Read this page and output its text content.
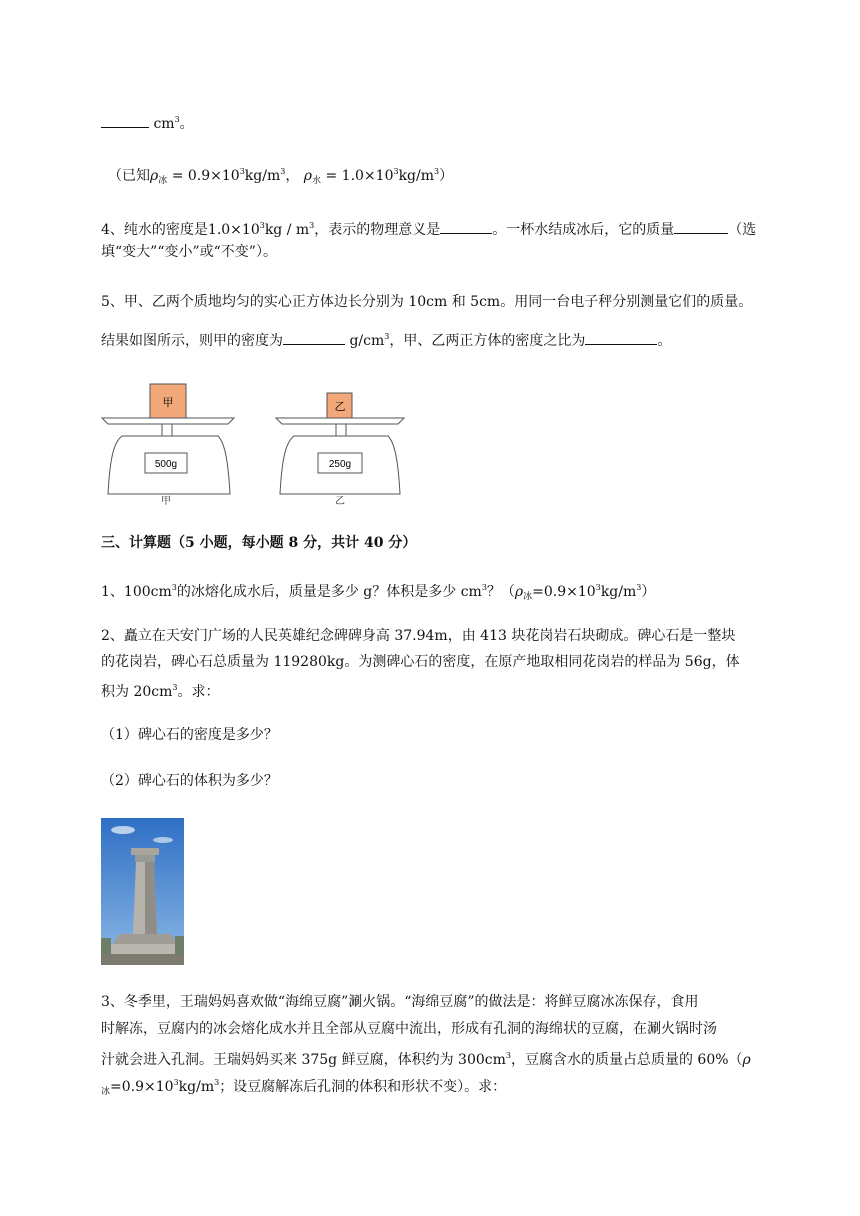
$cm^3$。
（已知$\rho_冰 = 0.9\times 10^3kg/m^3$， $\rho_水 = 1.0\times 10^3kg/m^3$）
4、纯水的密度是$1.0\times 10^3kg / m^3$，表示的物理意义是	。一杯水结成冰后，它的质量	（选
填“变大”“变小”或“不变”）。
5、甲、乙两个质地均匀的实心正方体边长分别为 10cm 和 5cm。用同一台电子秤分别测量它们的质量。
结果如图所示，则甲的密度为	$g/cm^3$，甲、乙两正方体的密度之比为	。
甲
500g
甲
乙
250g
乙
三、计算题（5 小题，每小题 8 分，共计 40 分）
1、$100cm^3$的冰熔化成水后，质量是多少 g？体积是多少 $cm^3$？$(\rho_冰=0.9\times 10^3kg/m^3)$
2、矗立在天安门广场的人民英雄纪念碑碑身高 37.94m，由 413 块花岗岩石块砌成。碑心石是一整块
的花岗岩，碑心石总质量为 119280kg。为测碑心石的密度，在原产地取相同花岗岩的样品为 56g，体
积为 $20cm^3$。求：
（1）碑心石的密度是多少？
（2）碑心石的体积为多少？
3、冬季里，王瑞妈妈喜欢做“海绵豆腐”涮火锅。“海绵豆腐”的做法是：将鲜豆腐冰冻保存，食用
时解冻，豆腐内的冰会熔化成水并且全部从豆腐中流出，形成有孔洞的海绵状的豆腐，在涮火锅时汤
汁就会进入孔洞。王瑞妈妈买来 375g 鲜豆腐，体积约为 $300cm^3$，豆腐含水的质量占总质量的 60%（ρ
$_冰=0.9\times 10^3kg/m^3$；设豆腐解冻后孔洞的体积和形状不变）。求：
